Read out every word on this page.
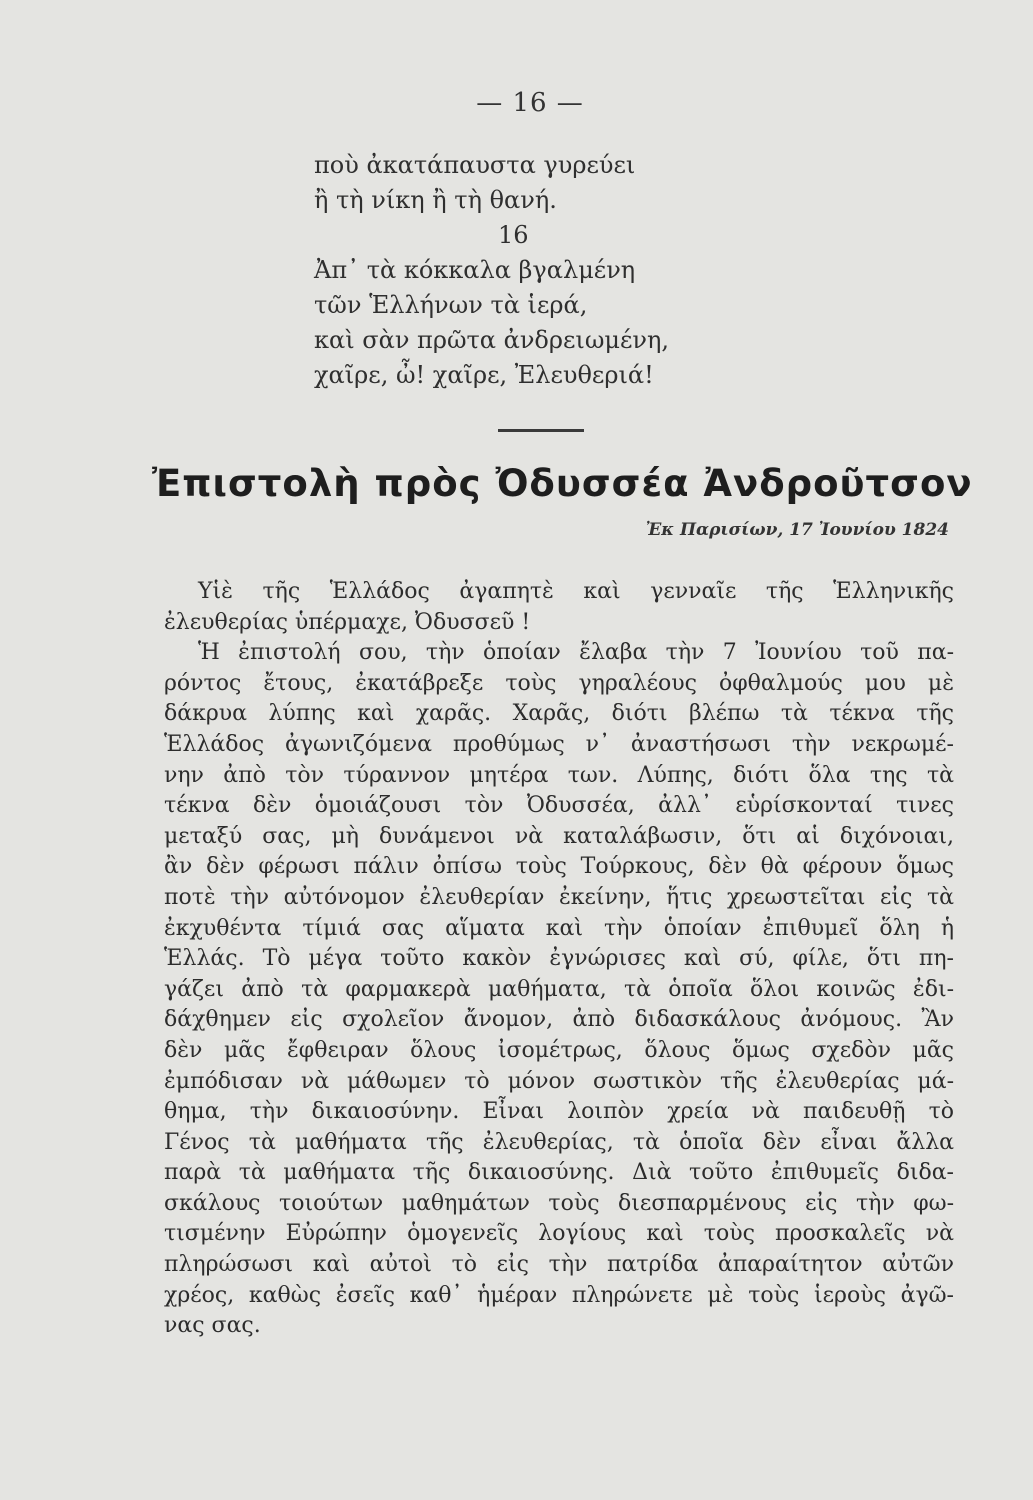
— 16 —
ποὺ ἀκατάπαυστα γυρεύει
ἢ τὴ νίκη ἢ τὴ θανή.
16
Ἀπ᾽ τὰ κόκκαλα βγαλμένη
τῶν Ἑλλήνων τὰ ἱερά,
καὶ σὰν πρῶτα ἀνδρειωμένη,
χαῖρε, ὦ! χαῖρε, Ἐλευθεριά!
Ἐπιστολὴ πρὸς Ὀδυσσέα Ἀνδροῦτσον
Ἐκ Παρισίων, 17 Ἰουνίου 1824
Υἱὲ τῆς Ἑλλάδος ἀγαπητὲ καὶ γενναῖε τῆς Ἑλληνικῆς
ἐλευθερίας ὑπέρμαχε, Ὀδυσσεῦ !
Ἡ ἐπιστολή σου, τὴν ὁποίαν ἔλαβα τὴν 7 Ἰουνίου τοῦ πα-
ρόντος ἔτους, ἐκατάβρεξε τοὺς γηραλέους ὀφθαλμούς μου μὲ
δάκρυα λύπης καὶ χαρᾶς. Χαρᾶς, διότι βλέπω τὰ τέκνα τῆς
Ἑλλάδος ἀγωνιζόμενα προθύμως ν᾽ ἀναστήσωσι τὴν νεκρωμέ-
νην ἀπὸ τὸν τύραννον μητέρα των. Λύπης, διότι ὅλα της τὰ
τέκνα δὲν ὁμοιάζουσι τὸν Ὀδυσσέα, ἀλλ᾽ εὑρίσκονταί τινες
μεταξύ σας, μὴ δυνάμενοι νὰ καταλάβωσιν, ὅτι αἱ διχόνοιαι,
ἂν δὲν φέρωσι πάλιν ὀπίσω τοὺς Τούρκους, δὲν θὰ φέρουν ὅμως
ποτὲ τὴν αὐτόνομον ἐλευθερίαν ἐκείνην, ἥτις χρεωστεῖται εἰς τὰ
ἐκχυθέντα τίμιά σας αἵματα καὶ τὴν ὁποίαν ἐπιθυμεῖ ὅλη ἡ
Ἑλλάς. Τὸ μέγα τοῦτο κακὸν ἐγνώρισες καὶ σύ, φίλε, ὅτι πη-
γάζει ἀπὸ τὰ φαρμακερὰ μαθήματα, τὰ ὁποῖα ὅλοι κοινῶς ἐδι-
δάχθημεν εἰς σχολεῖον ἄνομον, ἀπὸ διδασκάλους ἀνόμους. Ἂν
δὲν μᾶς ἔφθειραν ὅλους ἰσομέτρως, ὅλους ὅμως σχεδὸν μᾶς
ἐμπόδισαν νὰ μάθωμεν τὸ μόνον σωστικὸν τῆς ἐλευθερίας μά-
θημα, τὴν δικαιοσύνην. Εἶναι λοιπὸν χρεία νὰ παιδευθῇ τὸ
Γένος τὰ μαθήματα τῆς ἐλευθερίας, τὰ ὁποῖα δὲν εἶναι ἄλλα
παρὰ τὰ μαθήματα τῆς δικαιοσύνης. Διὰ τοῦτο ἐπιθυμεῖς διδα-
σκάλους τοιούτων μαθημάτων τοὺς διεσπαρμένους εἰς τὴν φω-
τισμένην Εὐρώπην ὁμογενεῖς λογίους καὶ τοὺς προσκαλεῖς νὰ
πληρώσωσι καὶ αὐτοὶ τὸ εἰς τὴν πατρίδα ἀπαραίτητον αὐτῶν
χρέος, καθὼς ἐσεῖς καθ᾽ ἡμέραν πληρώνετε μὲ τοὺς ἱεροὺς ἀγῶ-
νας σας.
